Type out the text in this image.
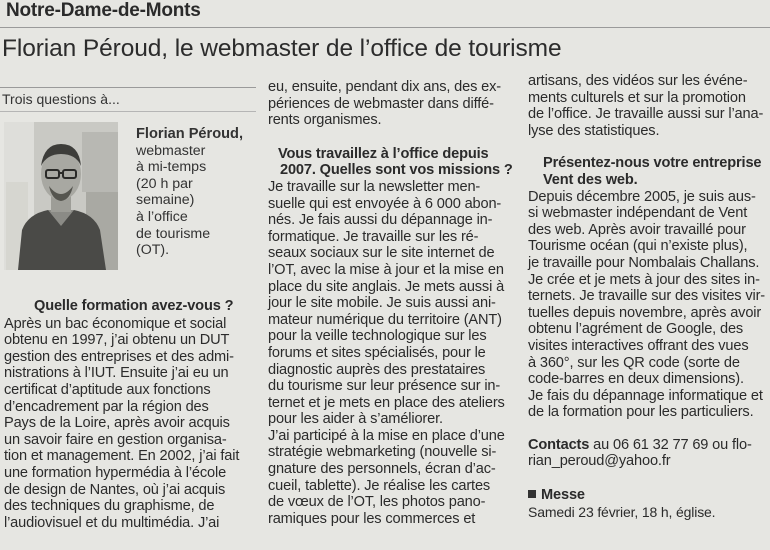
Notre-Dame-de-Monts
Florian Péroud, le webmaster de l’office de tourisme
Trois questions à...
Florian Péroud,
webmaster
à mi-temps
(20 h par
semaine)
à l’office
de tourisme
(OT).
Quelle formation avez-vous ?
Après un bac économique et social
obtenu en 1997, j’ai obtenu un DUT
gestion des entreprises et des admi-
nistrations à l’IUT. Ensuite j’ai eu un
certificat d’aptitude aux fonctions
d’encadrement par la région des
Pays de la Loire, après avoir acquis
un savoir faire en gestion organisa-
tion et management. En 2002, j’ai fait
une formation hypermédia à l’école
de design de Nantes, où j’ai acquis
des techniques du graphisme, de
l’audiovisuel et du multimédia. J’ai
eu, ensuite, pendant dix ans, des ex-
périences de webmaster dans diffé-
rents organismes.
Vous travaillez à l’office depuis
2007. Quelles sont vos missions ?
Je travaille sur la newsletter men-
suelle qui est envoyée à 6 000 abon-
nés. Je fais aussi du dépannage in-
formatique. Je travaille sur les ré-
seaux sociaux sur le site internet de
l’OT, avec la mise à jour et la mise en
place du site anglais. Je mets aussi à
jour le site mobile. Je suis aussi ani-
mateur numérique du territoire (ANT)
pour la veille technologique sur les
forums et sites spécialisés, pour le
diagnostic auprès des prestataires
du tourisme sur leur présence sur in-
ternet et je mets en place des ateliers
pour les aider à s’améliorer.
J’ai participé à la mise en place d’une
stratégie webmarketing (nouvelle si-
gnature des personnels, écran d’ac-
cueil, tablette). Je réalise les cartes
de vœux de l’OT, les photos pano-
ramiques pour les commerces et
artisans, des vidéos sur les événe-
ments culturels et sur la promotion
de l’office. Je travaille aussi sur l’ana-
lyse des statistiques.
Présentez-nous votre entreprise
Vent des web.
Depuis décembre 2005, je suis aus-
si webmaster indépendant de Vent
des web. Après avoir travaillé pour
Tourisme océan (qui n’existe plus),
je travaille pour Nombalais Challans.
Je crée et je mets à jour des sites in-
ternets. Je travaille sur des visites vir-
tuelles depuis novembre, après avoir
obtenu l’agrément de Google, des
visites interactives offrant des vues
à 360°, sur les QR code (sorte de
code-barres en deux dimensions).
Je fais du dépannage informatique et
de la formation pour les particuliers.
Contacts au 06 61 32 77 69 ou flo-
rian_peroud@yahoo.fr
Messe
Samedi 23 février, 18 h, église.
